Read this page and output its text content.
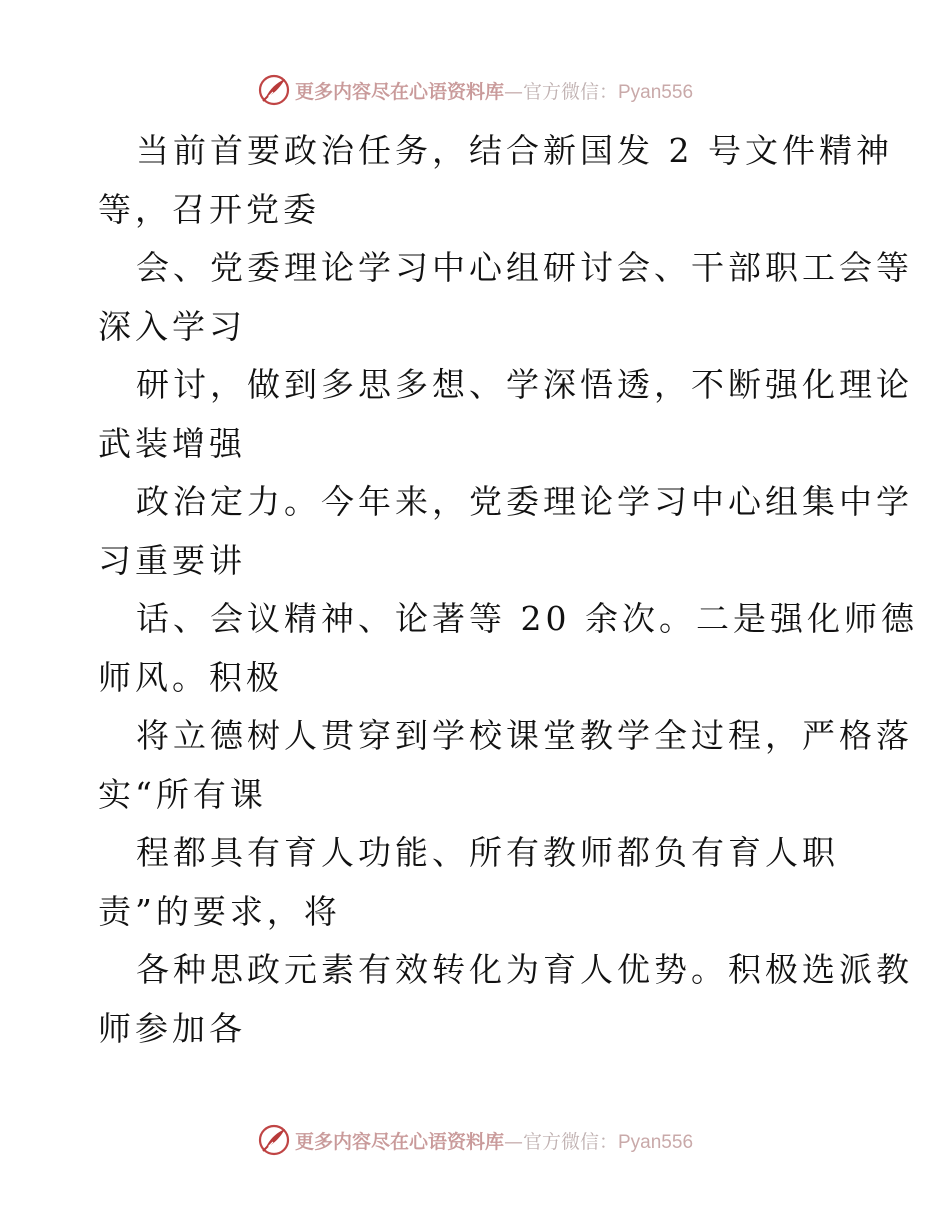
更多内容尽在心语资料库—官方微信：Pyan556
当前首要政治任务，结合新国发 2 号文件精神
等，召开党委
会、党委理论学习中心组研讨会、干部职工会等
深入学习
研讨，做到多思多想、学深悟透，不断强化理论
武装增强
政治定力。今年来，党委理论学习中心组集中学
习重要讲
话、会议精神、论著等 20 余次。二是强化师德
师风。积极
将立德树人贯穿到学校课堂教学全过程，严格落
实“所有课
程都具有育人功能、所有教师都负有育人职
责”的要求，将
各种思政元素有效转化为育人优势。积极选派教
师参加各
更多内容尽在心语资料库—官方微信：Pyan556
